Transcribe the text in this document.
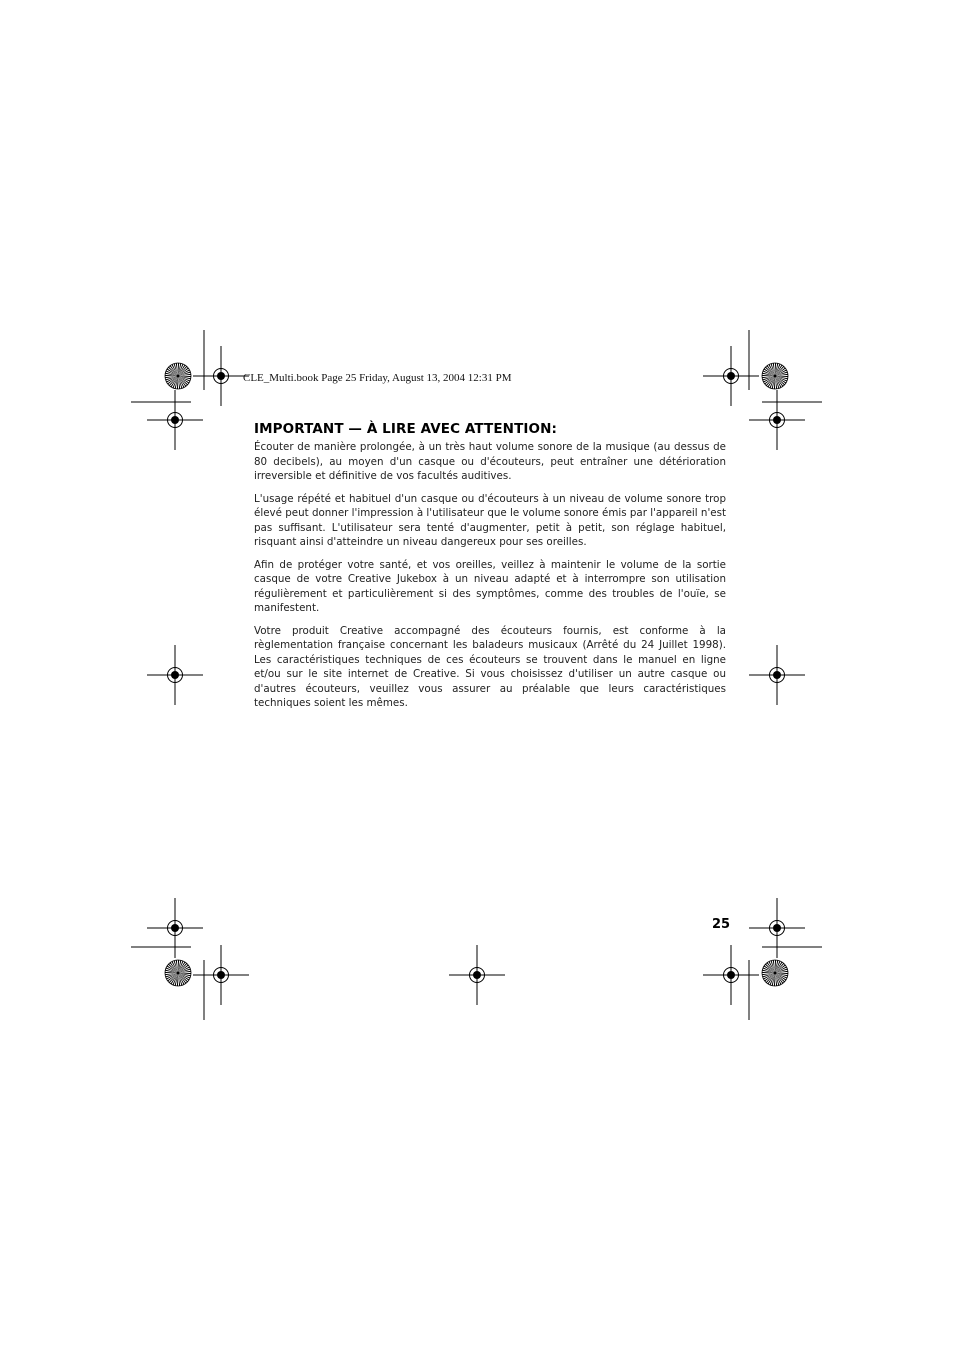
CLE_Multi.book Page 25 Friday, August 13, 2004 12:31 PM
IMPORTANT — À LIRE AVEC ATTENTION:

Écouter de manière prolongée, à un très haut volume sonore de la musique (au dessus de 80 decibels), au moyen d'un casque ou d'écouteurs, peut entraîner une détérioration irreversible et définitive de vos facultés auditives.

L'usage répété et habituel d'un casque ou d'écouteurs à un niveau de volume sonore trop élevé peut donner l'impression à l'utilisateur que le volume sonore émis par l'appareil n'est pas suffisant. L'utilisateur sera tenté d'augmenter, petit à petit, son réglage habituel, risquant ainsi d'atteindre un niveau dangereux pour ses oreilles.

Afin de protéger votre santé, et vos oreilles, veillez à maintenir le volume de la sortie casque de votre Creative Jukebox à un niveau adapté et à interrompre son utilisation régulièrement et particulièrement si des symptômes, comme des troubles de l'ouïe, se manifestent.

Votre produit Creative accompagné des écouteurs fournis, est conforme à la règlementation française concernant les baladeurs musicaux (Arrêté du 24 Juillet 1998). Les caractéristiques techniques de ces écouteurs se trouvent dans le manuel en ligne et/ou sur le site internet de Creative. Si vous choisissez d'utiliser un autre casque ou d'autres écouteurs, veuillez vous assurer au préalable que leurs caractéristiques techniques soient les mêmes.

25
